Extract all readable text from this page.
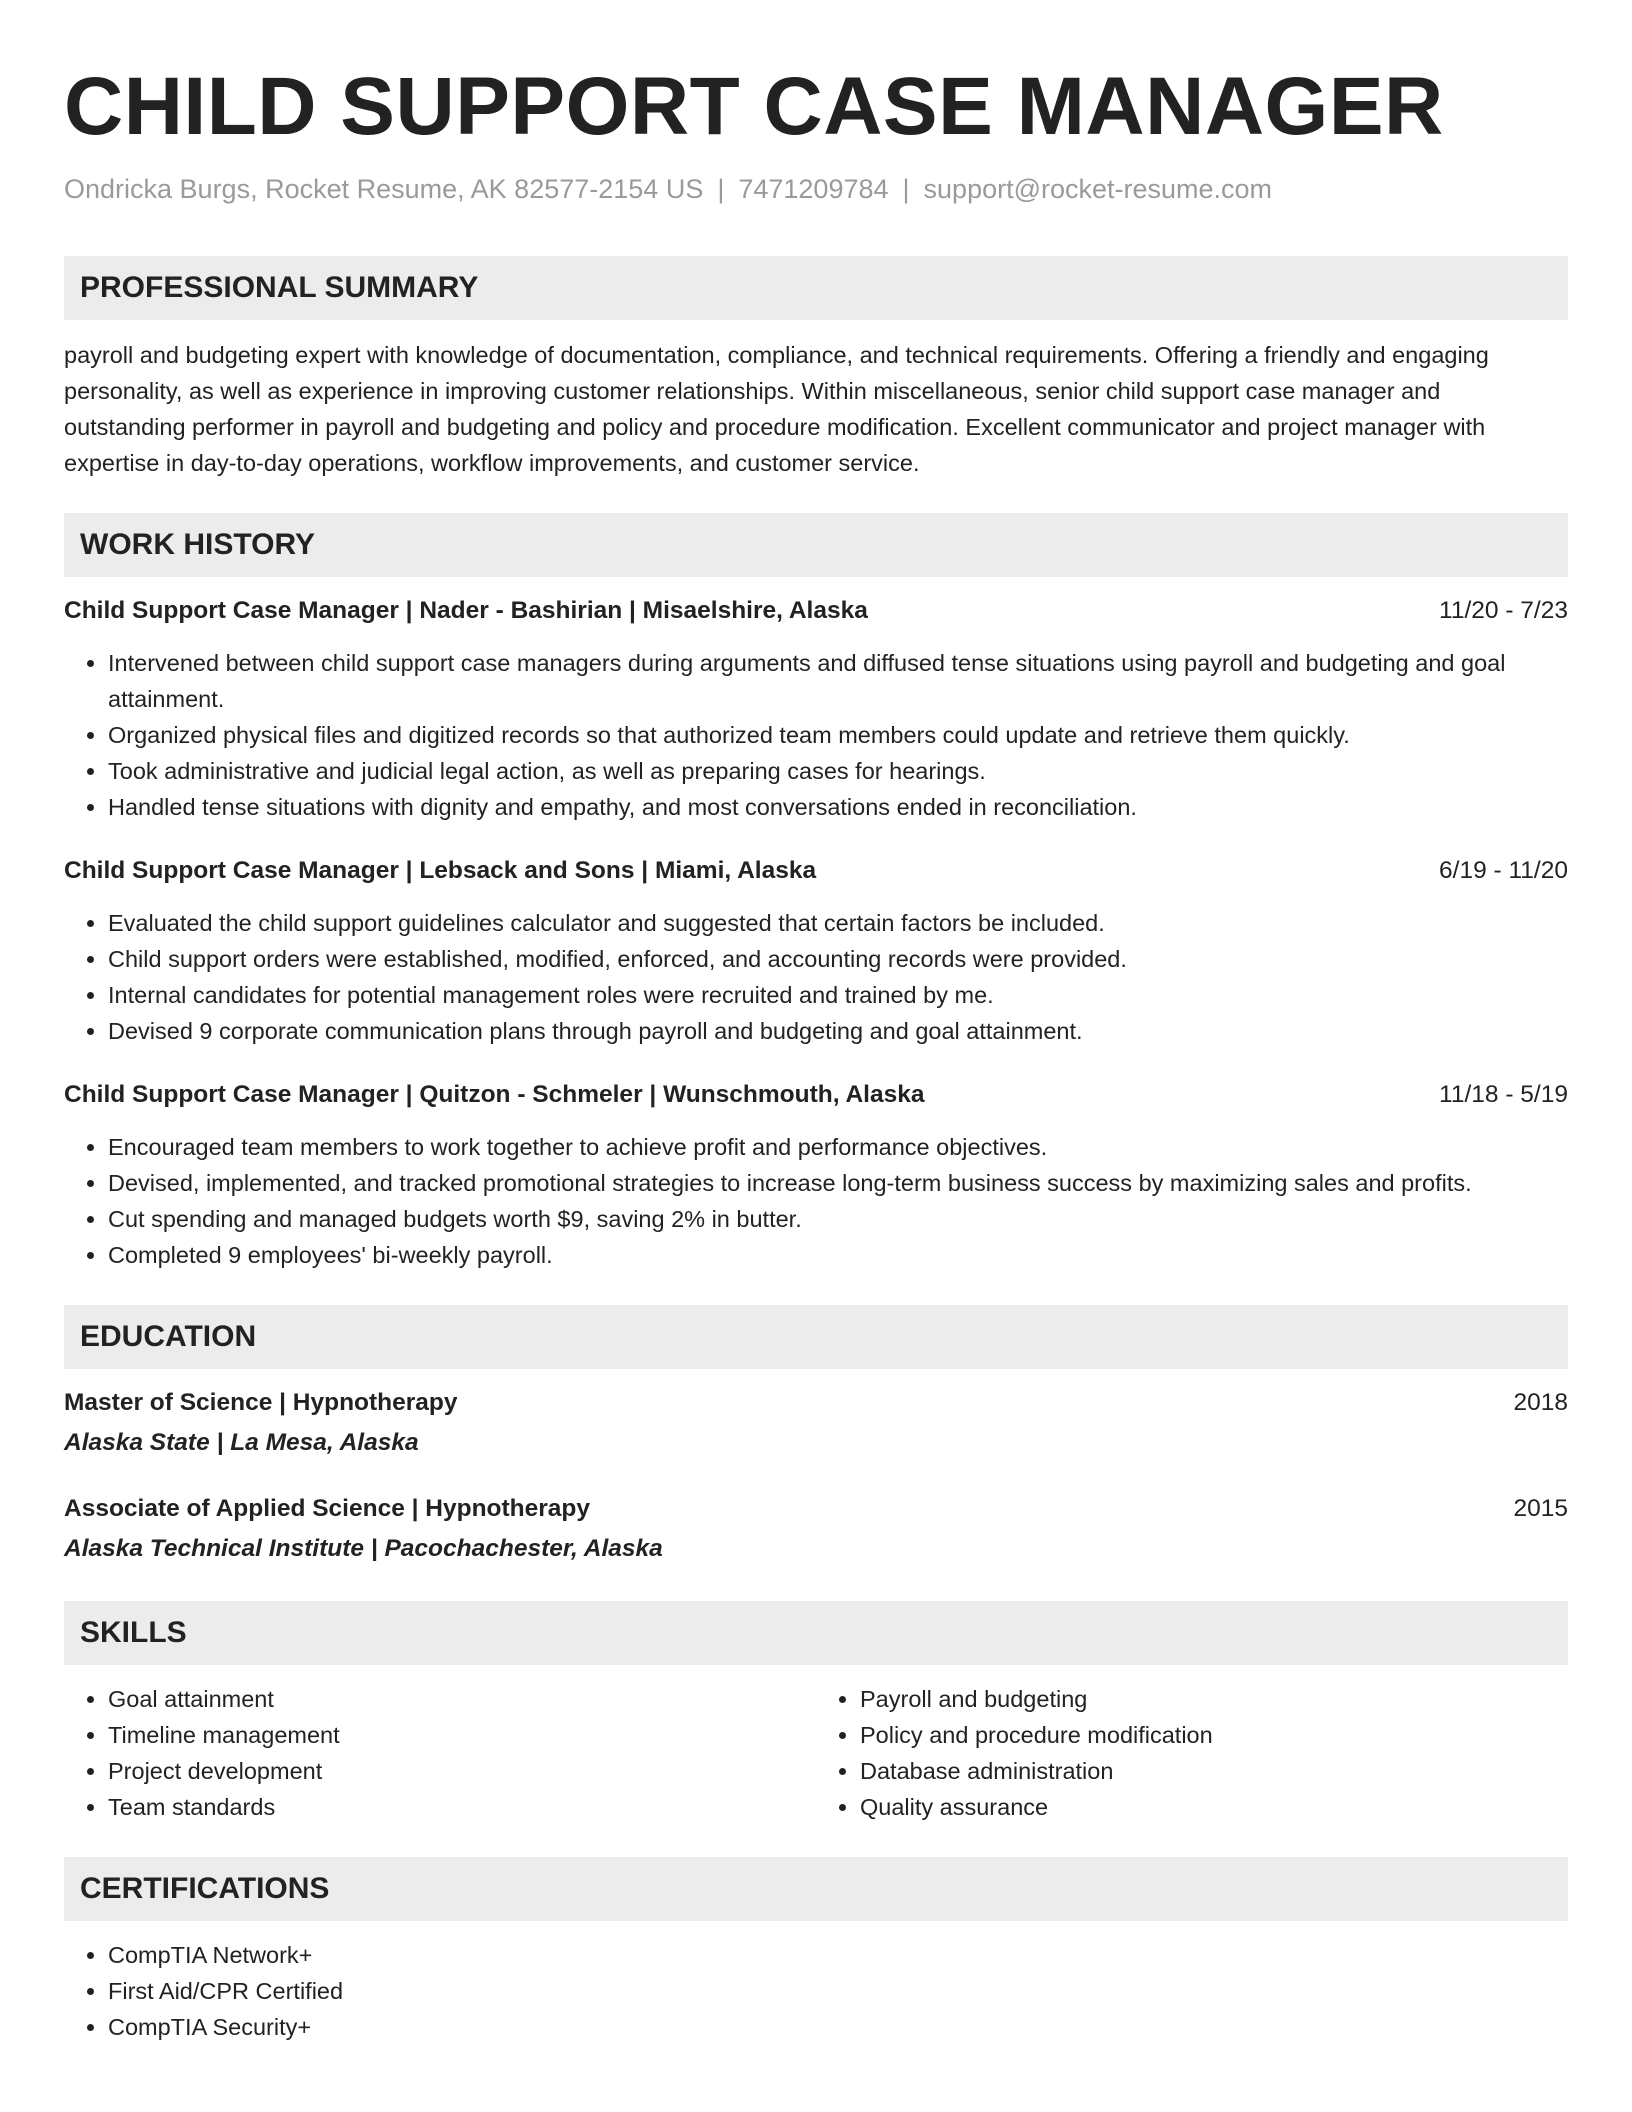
CHILD SUPPORT CASE MANAGER
Ondricka Burgs, Rocket Resume, AK 82577-2154 US | 7471209784 | support@rocket-resume.com
PROFESSIONAL SUMMARY
payroll and budgeting expert with knowledge of documentation, compliance, and technical requirements. Offering a friendly and engaging personality, as well as experience in improving customer relationships. Within miscellaneous, senior child support case manager and outstanding performer in payroll and budgeting and policy and procedure modification. Excellent communicator and project manager with expertise in day-to-day operations, workflow improvements, and customer service.
WORK HISTORY
Child Support Case Manager | Nader - Bashirian | Misaelshire, Alaska	11/20 - 7/23
• Intervened between child support case managers during arguments and diffused tense situations using payroll and budgeting and goal attainment.
• Organized physical files and digitized records so that authorized team members could update and retrieve them quickly.
• Took administrative and judicial legal action, as well as preparing cases for hearings.
• Handled tense situations with dignity and empathy, and most conversations ended in reconciliation.
Child Support Case Manager | Lebsack and Sons | Miami, Alaska	6/19 - 11/20
• Evaluated the child support guidelines calculator and suggested that certain factors be included.
• Child support orders were established, modified, enforced, and accounting records were provided.
• Internal candidates for potential management roles were recruited and trained by me.
• Devised 9 corporate communication plans through payroll and budgeting and goal attainment.
Child Support Case Manager | Quitzon - Schmeler | Wunschmouth, Alaska	11/18 - 5/19
• Encouraged team members to work together to achieve profit and performance objectives.
• Devised, implemented, and tracked promotional strategies to increase long-term business success by maximizing sales and profits.
• Cut spending and managed budgets worth $9, saving 2% in butter.
• Completed 9 employees' bi-weekly payroll.
EDUCATION
Master of Science | Hypnotherapy	2018
Alaska State | La Mesa, Alaska
Associate of Applied Science | Hypnotherapy	2015
Alaska Technical Institute | Pacochachester, Alaska
SKILLS
• Goal attainment
• Timeline management
• Project development
• Team standards
• Payroll and budgeting
• Policy and procedure modification
• Database administration
• Quality assurance
CERTIFICATIONS
• CompTIA Network+
• First Aid/CPR Certified
• CompTIA Security+
